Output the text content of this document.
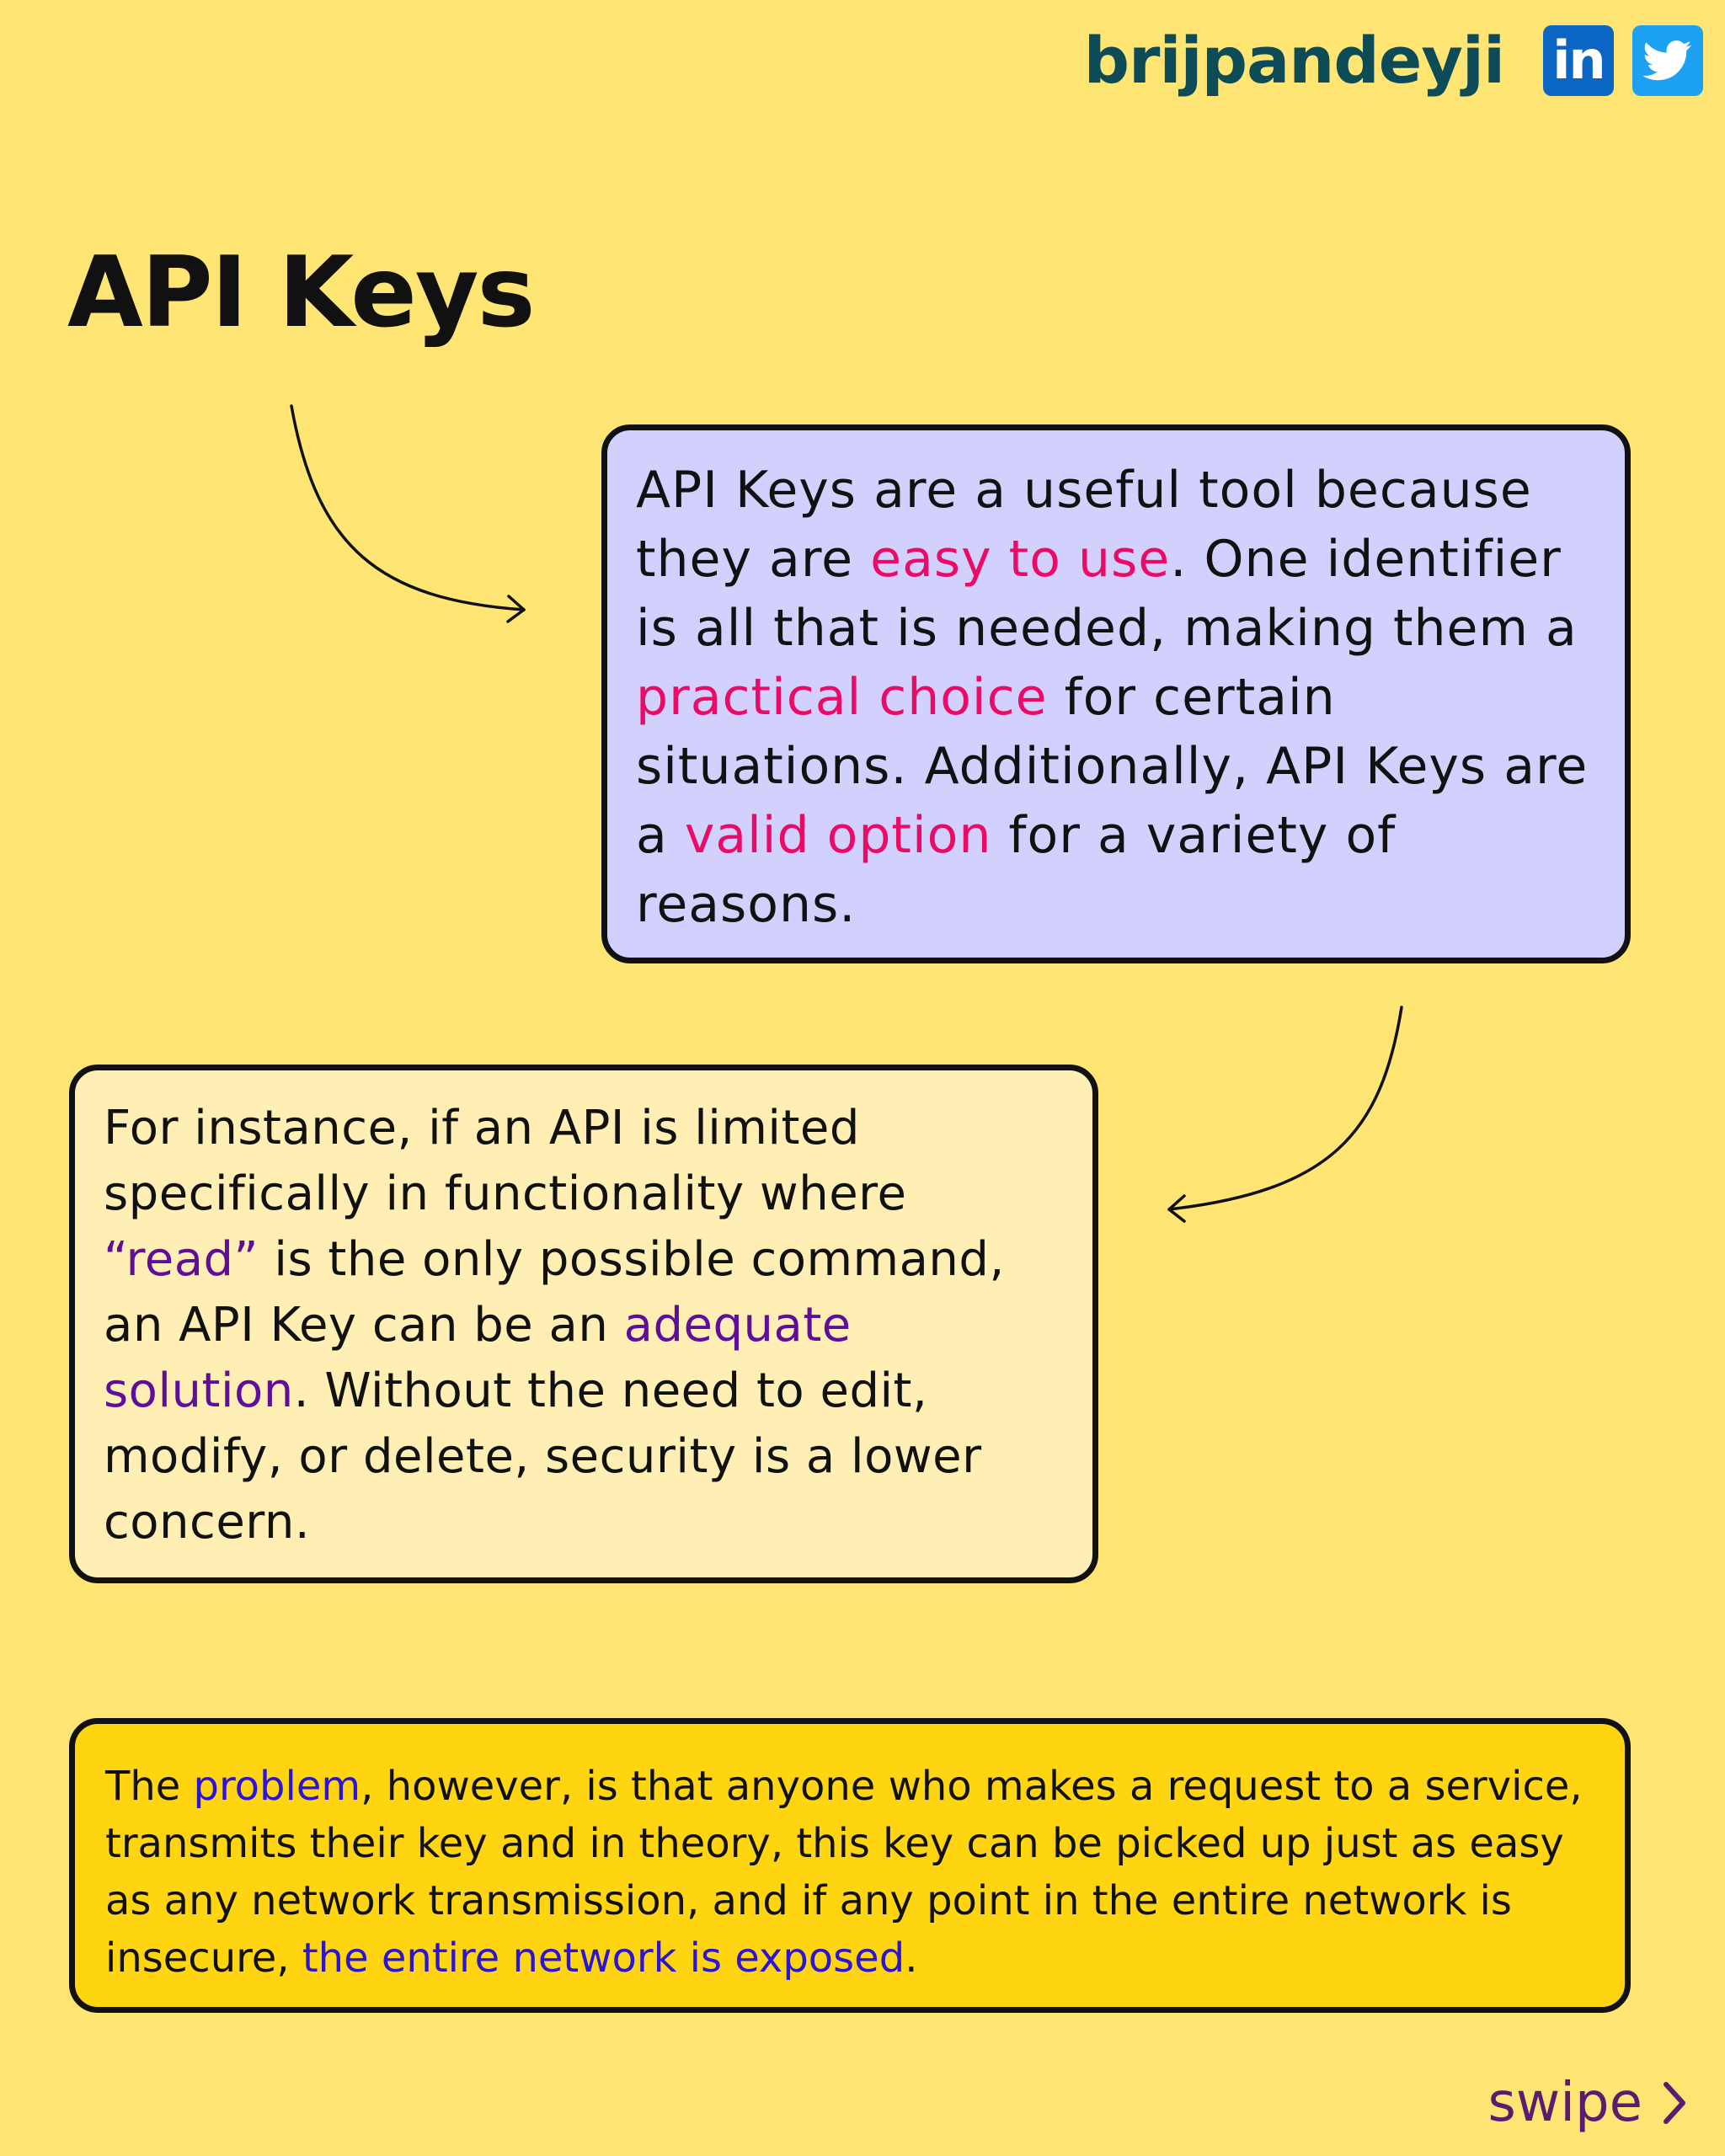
brijpandeyji in
API Keys

API Keys are a useful tool because they are easy to use. One identifier is all that is needed, making them a practical choice for certain situations. Additionally, API Keys are a valid option for a variety of reasons.

For instance, if an API is limited specifically in functionality where “read” is the only possible command, an API Key can be an adequate solution. Without the need to edit, modify, or delete, security is a lower concern.

The problem, however, is that anyone who makes a request to a service, transmits their key and in theory, this key can be picked up just as easy as any network transmission, and if any point in the entire network is insecure, the entire network is exposed.

swipe
